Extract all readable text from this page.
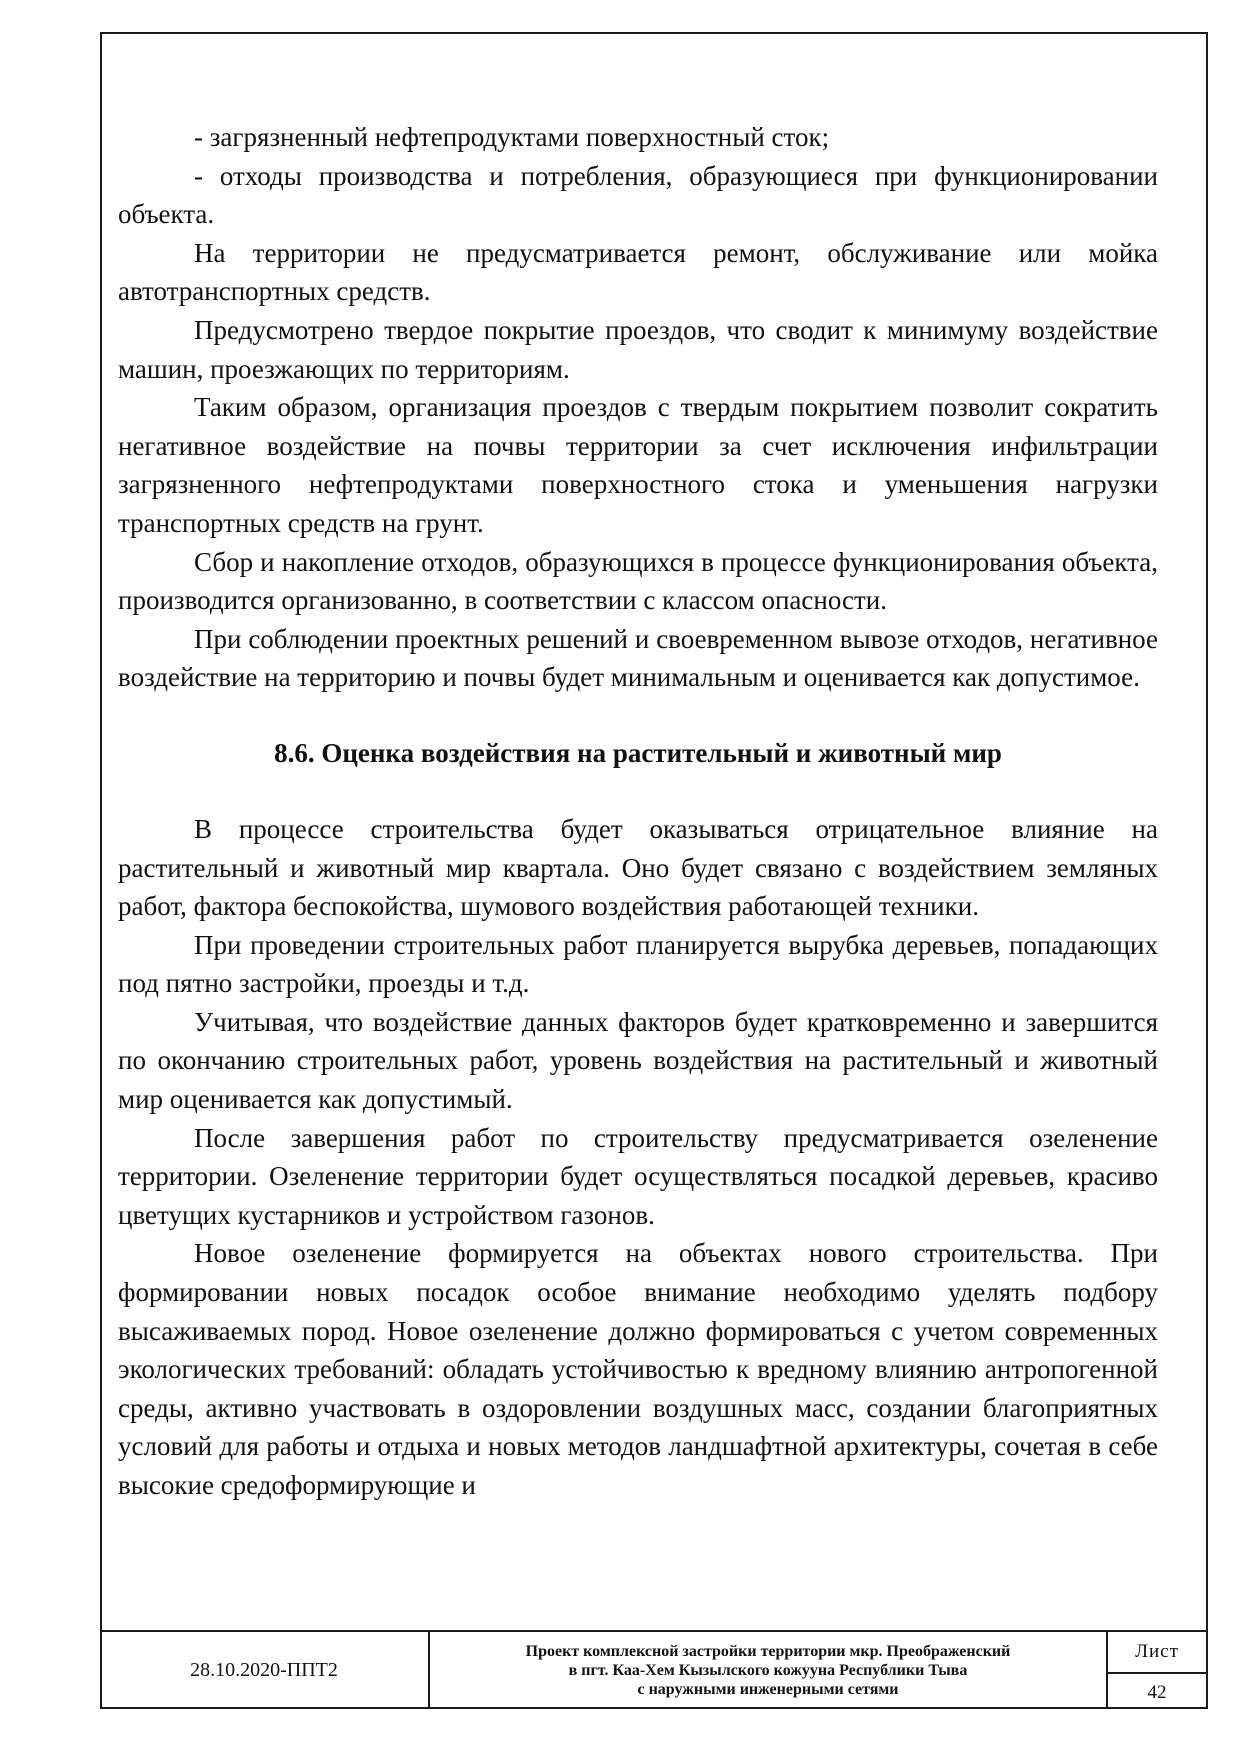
- загрязненный нефтепродуктами поверхностный сток;

- отходы производства и потребления, образующиеся при функционировании объекта.

На территории не предусматривается ремонт, обслуживание или мойка автотранспортных средств.

Предусмотрено твердое покрытие проездов, что сводит к минимуму воздействие машин, проезжающих по территориям.

Таким образом, организация проездов с твердым покрытием позволит сократить негативное воздействие на почвы территории за счет исключения инфильтрации загрязненного нефтепродуктами поверхностного стока и уменьшения нагрузки транспортных средств на грунт.

Сбор и накопление отходов, образующихся в процессе функционирования объекта, производится организованно, в соответствии с классом опасности.

При соблюдении проектных решений и своевременном вывозе отходов, негативное воздействие на территорию и почвы будет минимальным и оценивается как допустимое.

8.6. Оценка воздействия на растительный и животный мир

В процессе строительства будет оказываться отрицательное влияние на растительный и животный мир квартала. Оно будет связано с воздействием земляных работ, фактора беспокойства, шумового воздействия работающей техники.

При проведении строительных работ планируется вырубка деревьев, попадающих под пятно застройки, проезды и т.д.

Учитывая, что воздействие данных факторов будет кратковременно и завершится по окончанию строительных работ, уровень воздействия на растительный и животный мир оценивается как допустимый.

После завершения работ по строительству предусматривается озеленение территории. Озеленение территории будет осуществляться посадкой деревьев, красиво цветущих кустарников и устройством газонов.

Новое озеленение формируется на объектах нового строительства. При формировании новых посадок особое внимание необходимо уделять подбору высаживаемых пород. Новое озеленение должно формироваться с учетом современных экологических требований: обладать устойчивостью к вредному влиянию антропогенной среды, активно участвовать в оздоровлении воздушных масс, создании благоприятных условий для работы и отдыха и новых методов ландшафтной архитектуры, сочетая в себе высокие средоформирующие и

28.10.2020-ППТ2
Проект комплексной застройки территории мкр. Преображенский
в пгт. Каа-Хем Кызылского кожууна Республики Тыва
с наружными инженерными сетями
Лист
42
